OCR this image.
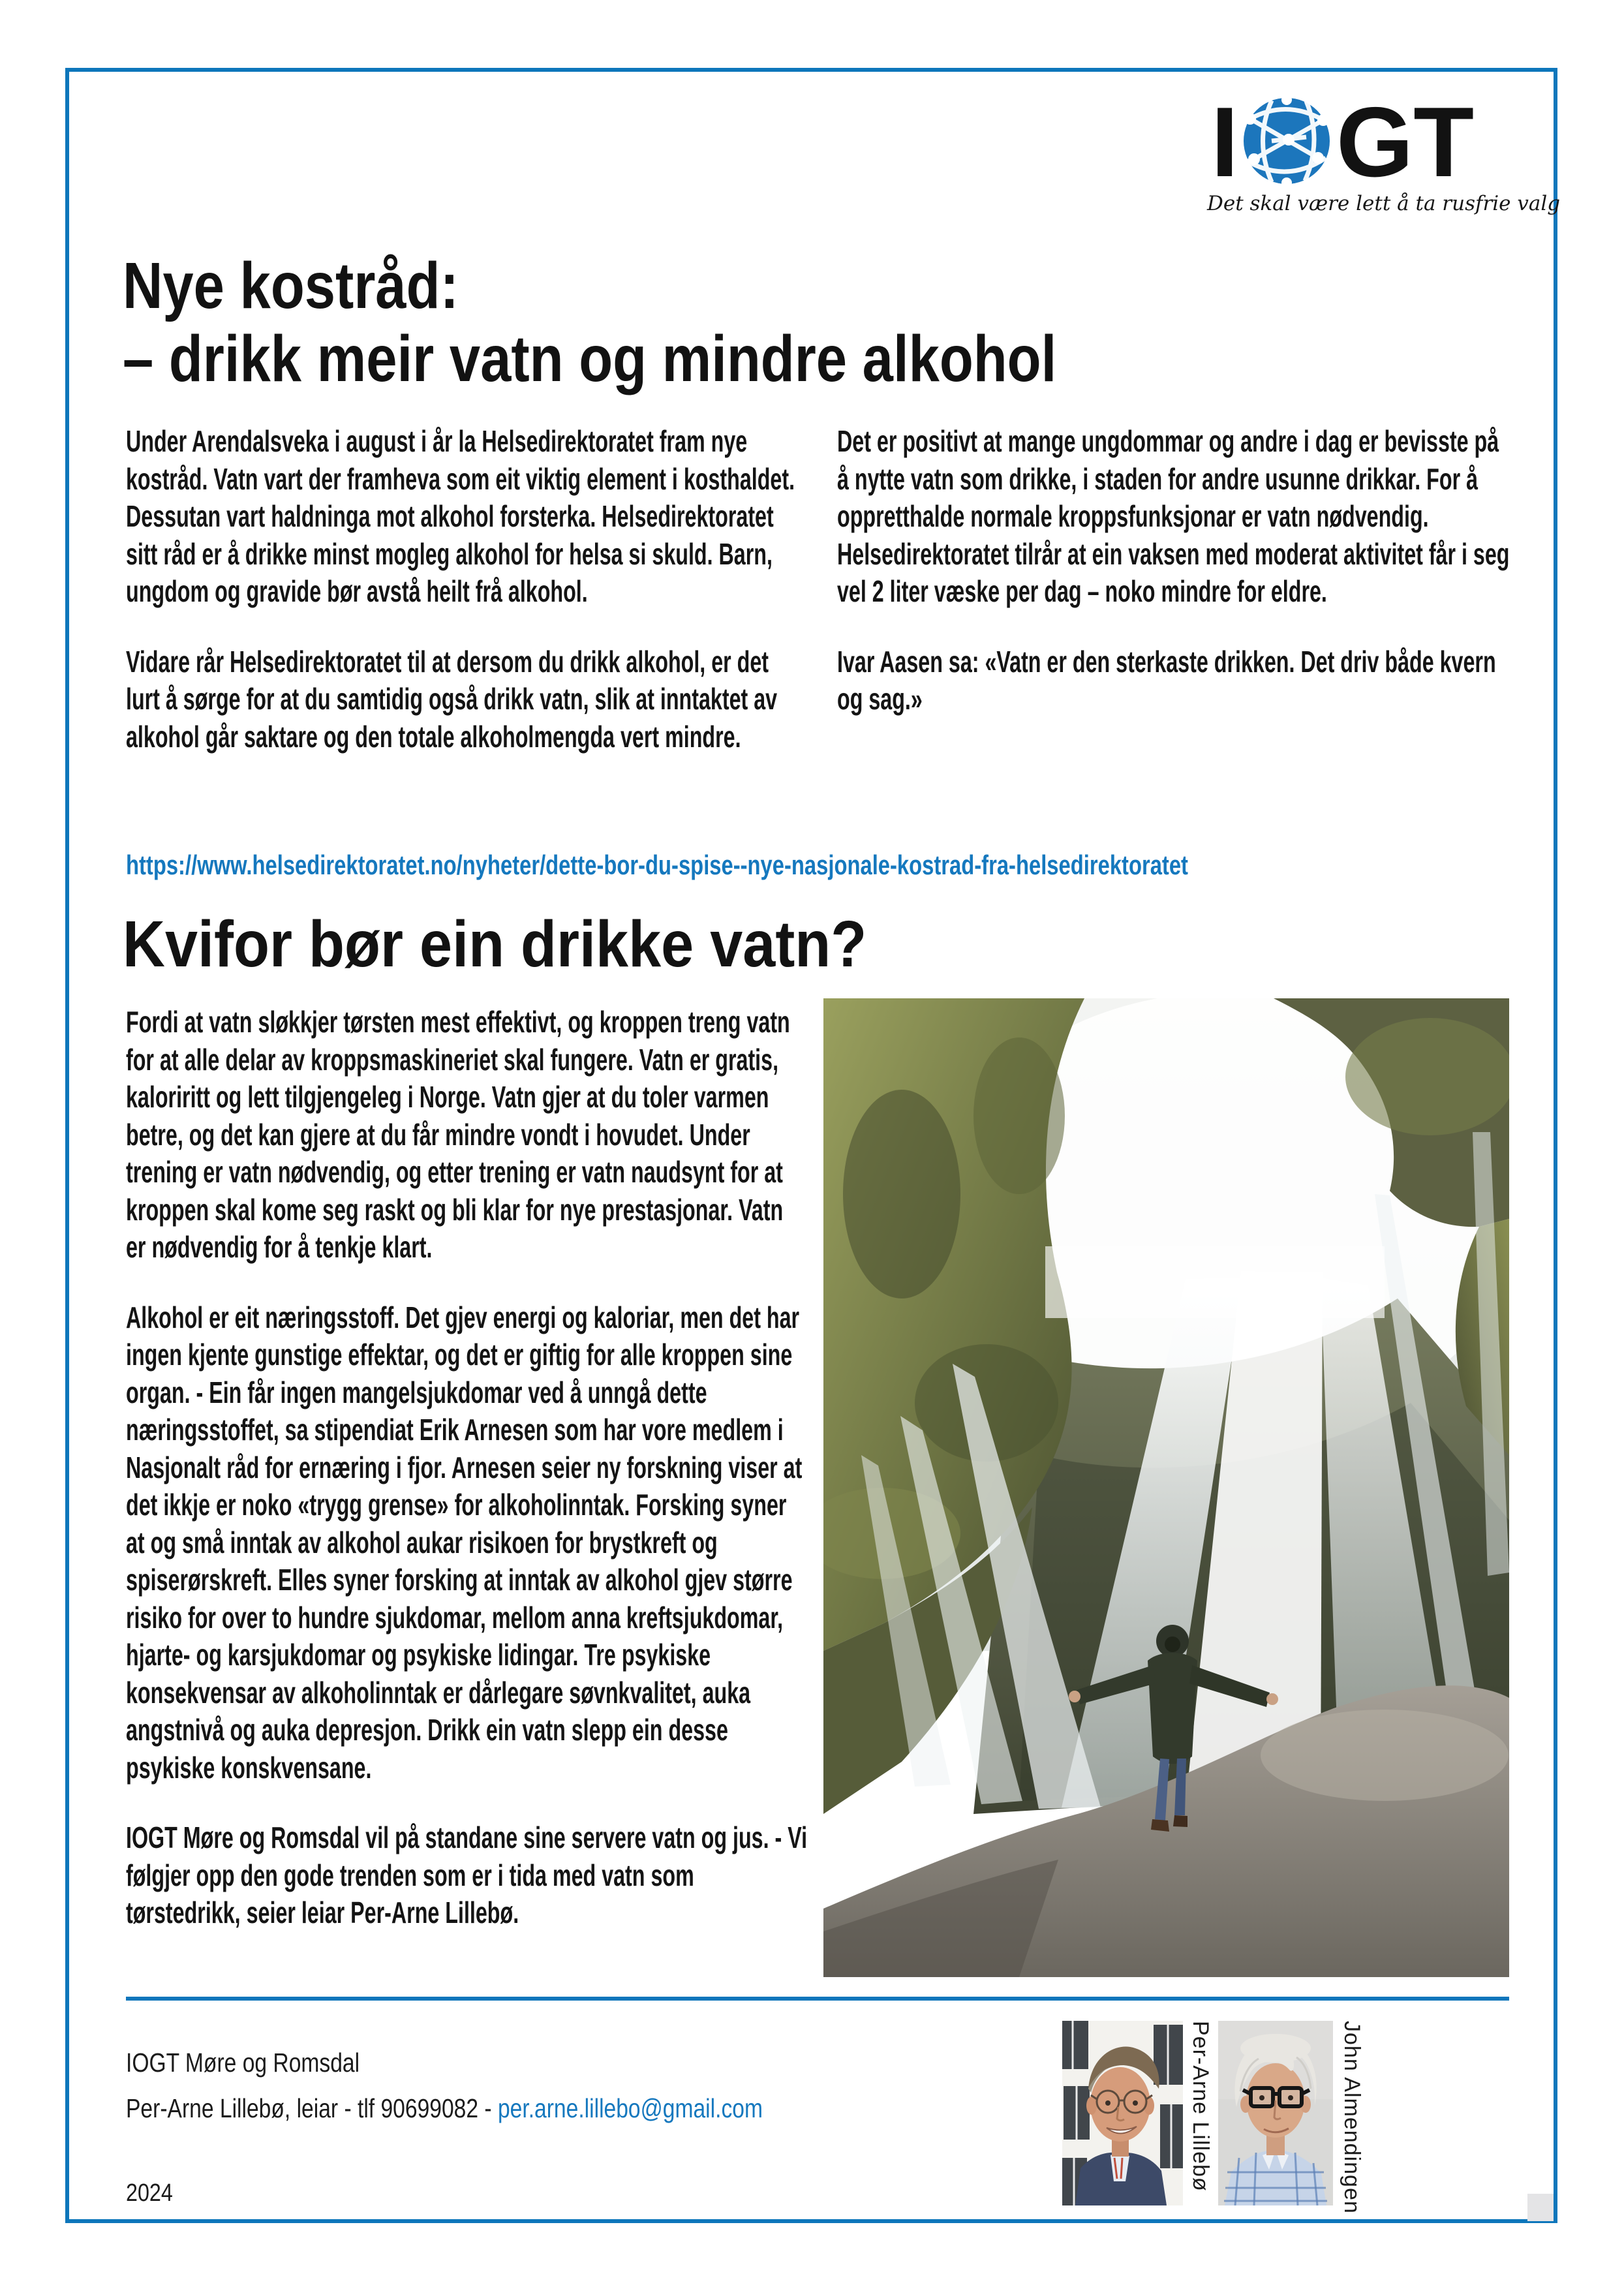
I GT
Det skal være lett å ta rusfrie valg
Nye kostråd:
– drikk meir vatn og mindre alkohol

Under Arendalsveka i august i år la Helsedirektoratet fram nye kostråd. Vatn vart der framheva som eit viktig element i kosthaldet. Dessutan vart haldninga mot alkohol forsterka. Helsedirektoratet sitt råd er å drikke minst mogleg alkohol for helsa si skuld. Barn, ungdom og gravide bør avstå heilt frå alkohol.

Vidare rår Helsedirektoratet til at dersom du drikk alkohol, er det lurt å sørge for at du samtidig også drikk vatn, slik at inntaktet av alkohol går saktare og den totale alkoholmengda vert mindre.

Det er positivt at mange ungdommar og andre i dag er bevisste på å nytte vatn som drikke, i staden for andre usunne drikkar. For å oppretthalde normale kroppsfunksjonar er vatn nødvendig. Helsedirektoratet tilrår at ein vaksen med moderat aktivitet får i seg vel 2 liter væske per dag – noko mindre for eldre.

Ivar Aasen sa: «Vatn er den sterkaste drikken. Det driv både kvern og sag.»

https://www.helsedirektoratet.no/nyheter/dette-bor-du-spise--nye-nasjonale-kostrad-fra-helsedirektoratet
Kvifor bør ein drikke vatn?

Fordi at vatn sløkkjer tørsten mest effektivt, og kroppen treng vatn for at alle delar av kroppsmaskineriet skal fungere. Vatn er gratis, kaloriritt og lett tilgjengeleg i Norge. Vatn gjer at du toler varmen betre, og det kan gjere at du får mindre vondt i hovudet. Under trening er vatn nødvendig, og etter trening er vatn naudsynt for at kroppen skal kome seg raskt og bli klar for nye prestasjonar. Vatn er nødvendig for å tenkje klart.

Alkohol er eit næringsstoff. Det gjev energi og kaloriar, men det har ingen kjente gunstige effektar, og det er giftig for alle kroppen sine organ. - Ein får ingen mangelsjukdomar ved å unngå dette næringsstoffet, sa stipendiat Erik Arnesen som har vore medlem i Nasjonalt råd for ernæring i fjor. Arnesen seier ny forskning viser at det ikkje er noko «trygg grense» for alkoholinntak. Forsking syner at og små inntak av alkohol aukar risikoen for brystkreft og spiserørskreft. Elles syner forsking at inntak av alkohol gjev større risiko for over to hundre sjukdomar, mellom anna kreftsjukdomar, hjarte- og karsjukdomar og psykiske lidingar. Tre psykiske konsekvensar av alkoholinntak er dårlegare søvnkvalitet, auka angstnivå og auka depresjon. Drikk ein vatn slepp ein desse psykiske konskvensane.

IOGT Møre og Romsdal vil på standane sine servere vatn og jus. - Vi følgjer opp den gode trenden som er i tida med vatn som tørstedrikk, seier leiar Per-Arne Lillebø.

IOGT Møre og Romsdal
Per-Arne Lillebø, leiar - tlf 90699082 - per.arne.lillebo@gmail.com
2024
Per-Arne Lillebø	John Almendingen
